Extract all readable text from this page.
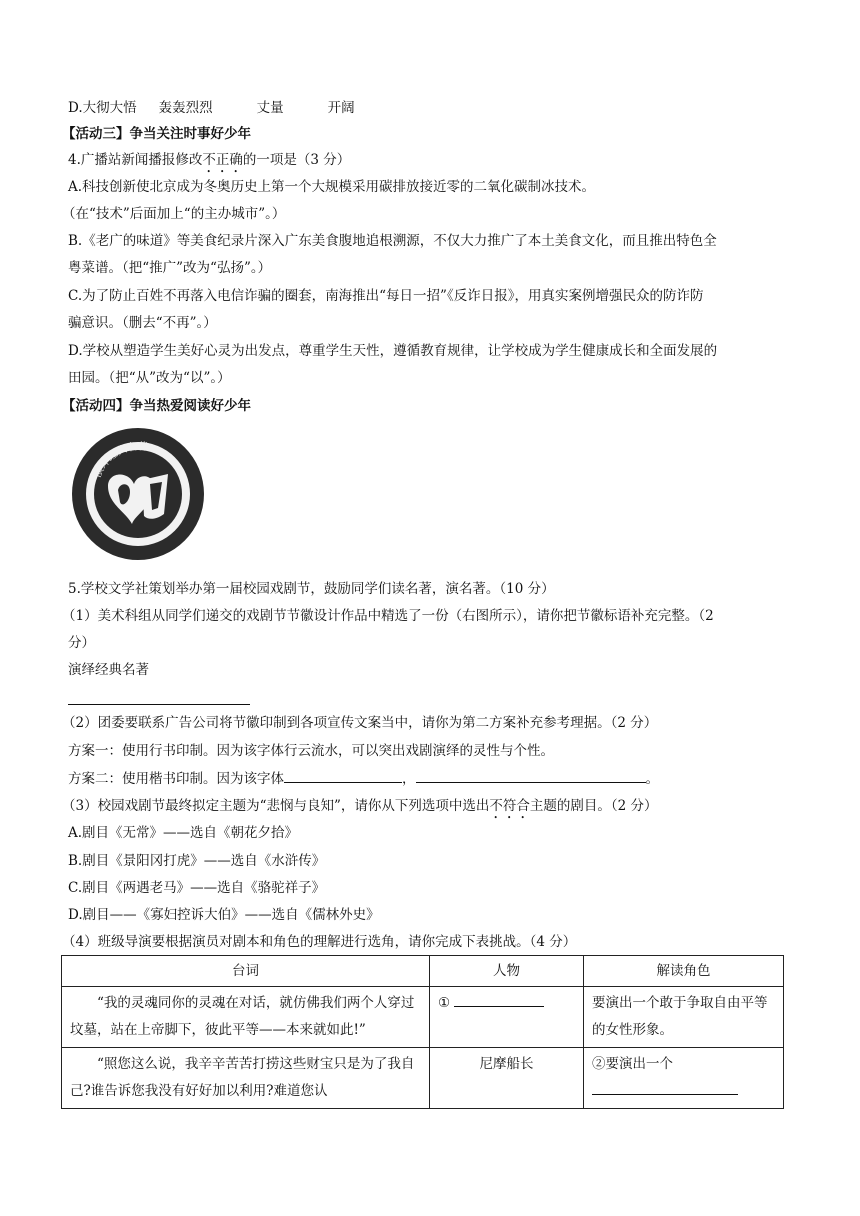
D.大彻大悟 轰轰烈烈	丈量	开阔
【活动三】争当关注时事好少年
4.广播站新闻播报修改不正确的一项是（3 分）
A.科技创新使北京成为冬奥历史上第一个大规模采用碳排放接近零的二氧化碳制冰技术。
（在“技术”后面加上“的主办城市”。）
B.《老广的味道》等美食纪录片深入广东美食腹地追根溯源，不仅大力推广了本土美食文化，而且推出特色全
粤菜谱。（把“推广”改为“弘扬”。）
C.为了防止百姓不再落入电信诈骗的圈套，南海推出“每日一招”《反诈日报》，用真实案例增强民众的防诈防
骗意识。（删去“不再”。）
D.学校从塑造学生美好心灵为出发点，尊重学生天性，遵循教育规律，让学校成为学生健康成长和全面发展的
田园。（把“从”改为“以”。）
【活动四】争当热爱阅读好少年
演绎经典名著
5.学校文学社策划举办第一届校园戏剧节，鼓励同学们读名著，演名著。（10 分）
（1）美术科组从同学们递交的戏剧节节徽设计作品中精选了一份（右图所示），请你把节徽标语补充完整。（2
分）
演绎经典名著
（2）团委要联系广告公司将节徽印制到各项宣传文案当中，请你为第二方案补充参考理据。（2 分）
方案一：使用行书印制。因为该字体行云流水，可以突出戏剧演绎的灵性与个性。
方案二：使用楷书印制。因为该字体	，	。
（3）校园戏剧节最终拟定主题为“悲悯与良知”，请你从下列选项中选出不符合主题的剧目。（2 分）
A.剧目《无常》——选自《朝花夕拾》
B.剧目《景阳冈打虎》——选自《水浒传》
C.剧目《两遇老马》——选自《骆驼祥子》
D.剧目——《寡妇控诉大伯》——选自《儒林外史》
（4）班级导演要根据演员对剧本和角色的理解进行选角，请你完成下表挑战。（4 分）
台词	人物	解读角色
“我的灵魂同你的灵魂在对话，就仿佛我们两个人穿过坟墓，站在上帝脚下，彼此平等——本来就如此!”	①	要演出一个敢于争取自由平等的女性形象。
“照您这么说，我辛辛苦苦打捞这些财宝只是为了我自己?谁告诉您我没有好好加以利用?难道您认	尼摩船长	②要演出一个
